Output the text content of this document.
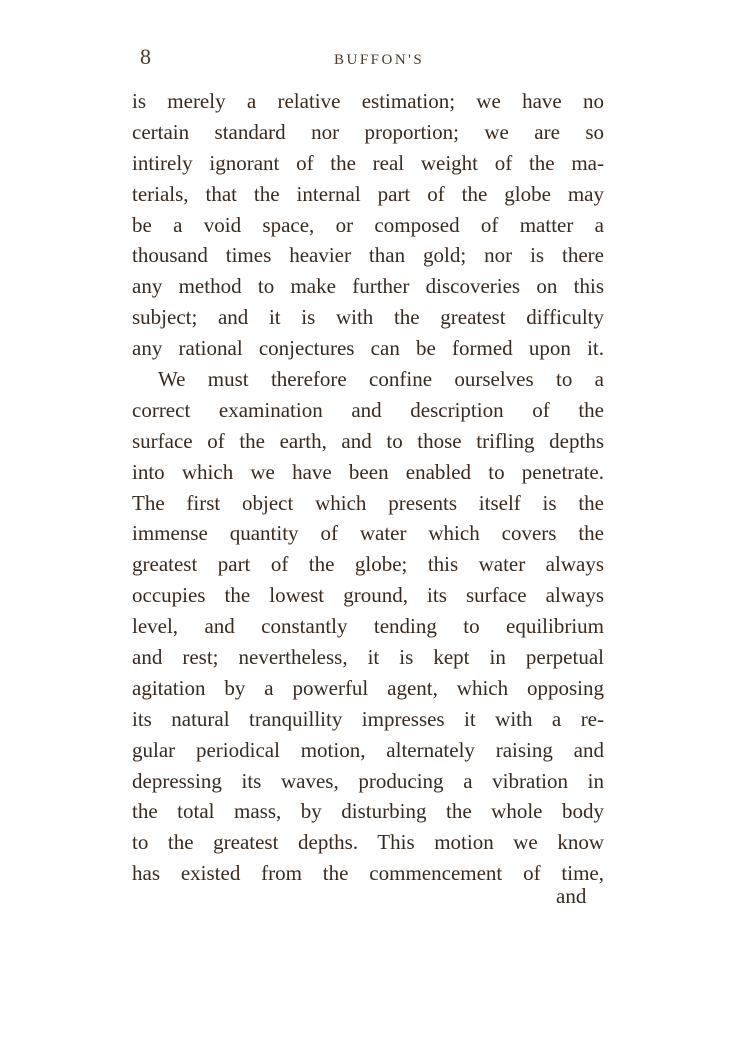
8	BUFFON'S
is merely a relative estimation; we have no
certain standard nor proportion; we are so
intirely ignorant of the real weight of the ma-
terials, that the internal part of the globe may
be a void space, or composed of matter a
thousand times heavier than gold; nor is there
any method to make further discoveries on this
subject; and it is with the greatest difficulty
any rational conjectures can be formed upon it.
We must therefore confine ourselves to a
correct examination and description of the
surface of the earth, and to those trifling depths
into which we have been enabled to penetrate.
The first object which presents itself is the
immense quantity of water which covers the
greatest part of the globe; this water always
occupies the lowest ground, its surface always
level, and constantly tending to equilibrium
and rest; nevertheless, it is kept in perpetual
agitation by a powerful agent, which opposing
its natural tranquillity impresses it with a re-
gular periodical motion, alternately raising and
depressing its waves, producing a vibration in
the total mass, by disturbing the whole body
to the greatest depths. This motion we know
has existed from the commencement of time,
and
